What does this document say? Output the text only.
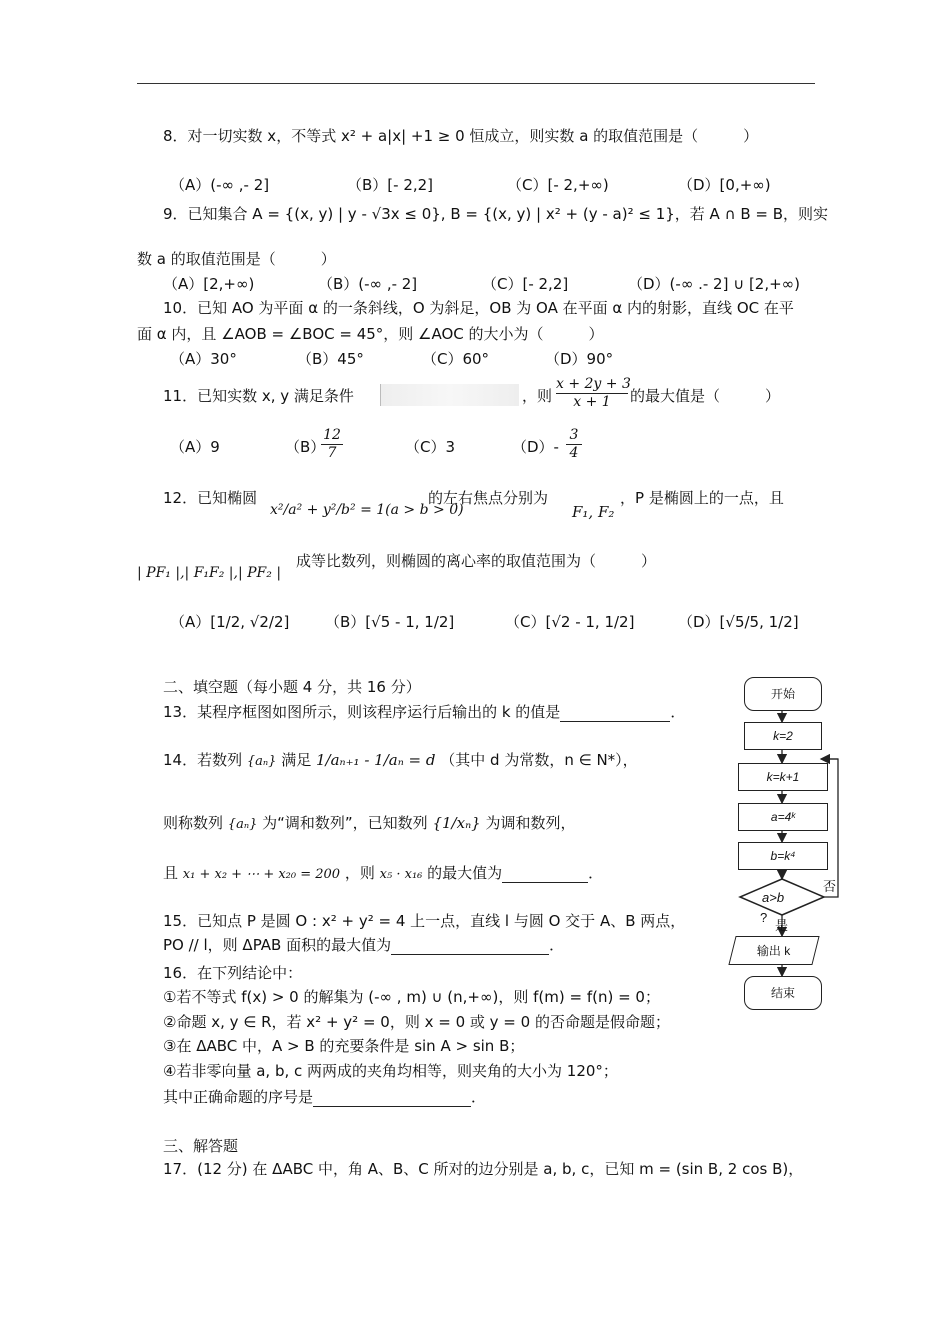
8．对一切实数 x，不等式 x² + a|x| +1 ≥ 0 恒成立，则实数 a 的取值范围是（　　　）
（A）(-∞ ,- 2]	（B）[- 2,2]	（C）[- 2,+∞)	（D）[0,+∞)
9．已知集合 A = {(x, y) | y - √3x ≤ 0}, B = {(x, y) | x² + (y - a)² ≤ 1}，若 A ∩ B = B，则实
数 a 的取值范围是（　　　）
（A）[2,+∞)	（B）(-∞ ,- 2]	（C）[- 2,2]	（D）(-∞ .- 2] ∪ [2,+∞)
10．已知 AO 为平面 α 的一条斜线，O 为斜足，OB 为 OA 在平面 α 内的射影，直线 OC 在平
面 α 内，且 ∠AOB = ∠BOC = 45°，则 ∠AOC 的大小为（　　　）
（A）30°	（B）45°	（C）60°	（D）90°
11．已知实数 x, y 满足条件	，则 $\frac{x + 2y + 3}{x + 1}$ 的最大值是（　　　）
（A）9	（B）
$\frac{12}{7}$	（C）3	$(D)- \frac{3}{4}$
12．已知椭圆
x²/a² + y²/b² = 1(a > b > 0)
的左右焦点分别为
F₁, F₂
，P 是椭圆上的一点，且
| PF₁ |,| F₁F₂ |,| PF₂ |
成等比数列，则椭圆的离心率的取值范围为（　　　）
（A）[1/2, √2/2] （B）[√5 - 1, 1/2]	（C）[√2 - 1, 1/2]	（D）[√5/5, 1/2]
二、填空题（每小题 4 分，共 16 分）
13．某程序框图如图所示，则该程序运行后输出的 k 的值是	．
14．若数列 {aₙ} 满足 1/aₙ₊₁ - 1/aₙ = d （其中 d 为常数，n ∈ N*），
则称数列 {aₙ} 为“调和数列”，已知数列 {1/xₙ} 为调和数列，
且 x₁ + x₂ + ⋯ + x₂₀ = 200 ，则 x₅ · x₁₆ 的最大值为	．
15．已知点 P 是圆 O : x² + y² = 4 上一点，直线 l 与圆 O 交于 A、B 两点，
PO // l，则 ΔPAB 面积的最大值为	．
16．在下列结论中：
①若不等式 f(x) > 0 的解集为 (-∞ , m) ∪ (n,+∞)，则 f(m) = f(n) = 0；
②命题 x, y ∈ R，若 x² + y² = 0，则 x = 0 或 y = 0 的否命题是假命题；
③在 ΔABC 中，A > B 的充要条件是 sin A > sin B；
④若非零向量 a, b, c 两两成的夹角均相等，则夹角的大小为 120°；
其中正确命题的序号是	．
三、解答题
17．(12 分) 在 ΔABC 中，角 A、B、C 所对的边分别是 a, b, c，已知 m = (sin B, 2 cos B)，
开始
k=2
k=k+1
a=4ᵏ
b=k⁴
a>b
?
是
否
输出 k
结束
